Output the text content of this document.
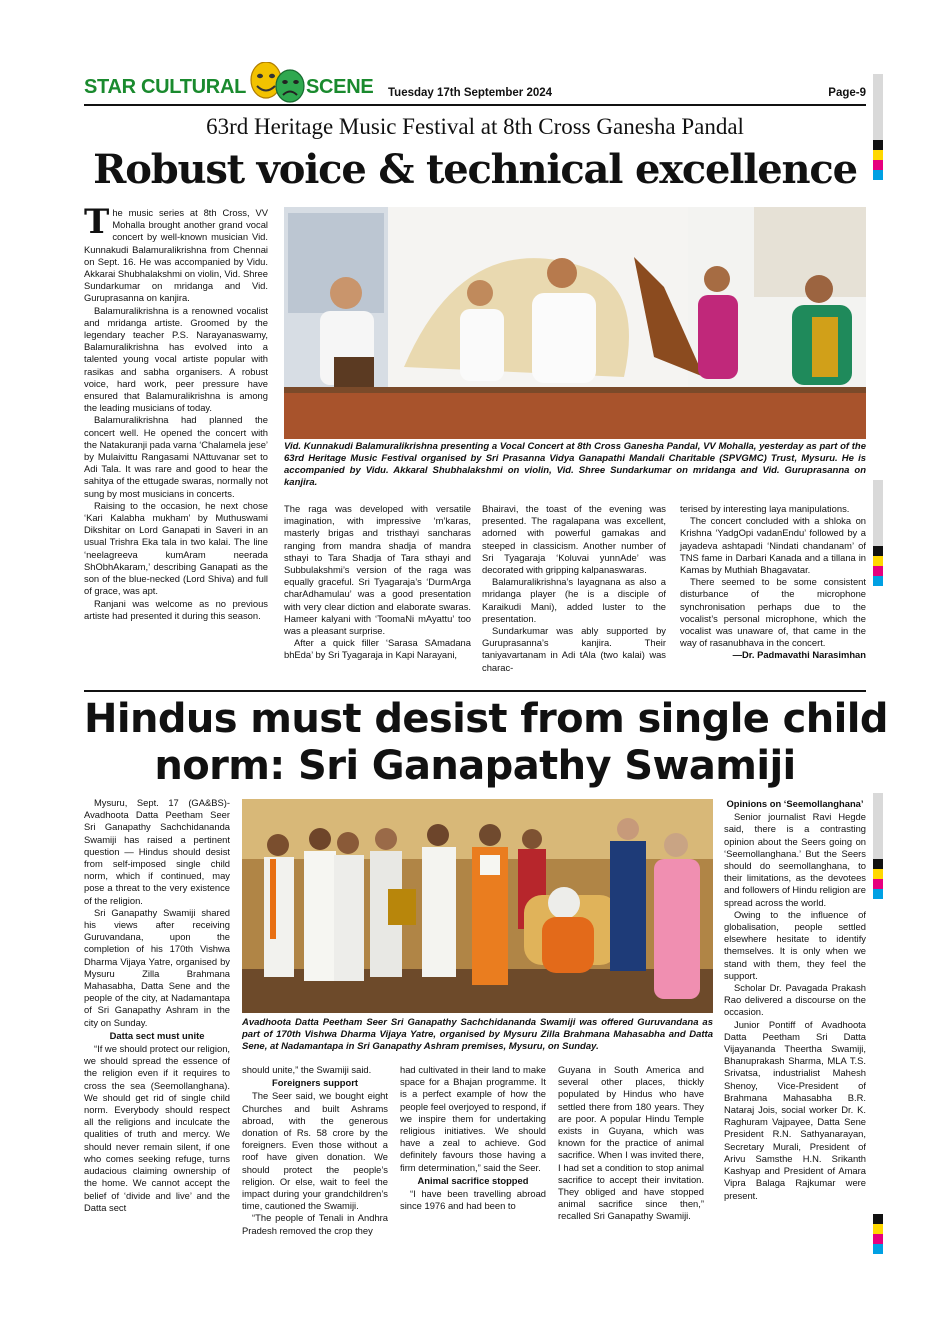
STAR CULTURAL	SCENE Tuesday 17th September 2024	Page-9
63rd Heritage Music Festival at 8th Cross Ganesha Pandal
Robust voice & technical excellence

The music series at 8th Cross, VV Mohalla brought another grand vocal concert by well-known musician Vid. Kunnakudi Balamuralikrishna from Chennai on Sept. 16. He was accompanied by Vidu. Akkarai Shubhalakshmi on violin, Vid. Shree Sundarkumar on mridanga and Vid. Guruprasanna on kanjira.

Balamuralikrishna is a renowned vocalist and mridanga artiste. Groomed by the legendary teacher P.S. Narayanaswamy, Balamuralikrishna has evolved into a talented young vocal artiste popular with rasikas and sabha organisers. A robust voice, hard work, peer pressure have ensured that Balamuralikrishna is among the leading musicians of today.

Balamuralikrishna had planned the concert well. He opened the concert with the Natakuranji pada varna ‘Chalamela jese’ by Mulaivittu Rangasami NAttuvanar set to Adi Tala. It was rare and good to hear the sahitya of the ettugade swaras, normally not sung by most musicians in concerts.

Raising to the occasion, he next chose ‘Kari Kalabha mukham’ by Muthuswami Dikshitar on Lord Ganapati in Saveri in an usual Trishra Eka tala in two kalai. The line ‘neelagreeva kumAram neerada ShObhAkaram,’ describing Ganapati as the son of the blue-necked (Lord Shiva) and full of grace, was apt.

Ranjani was welcome as no previous artiste had presented it during this season.

Vid. Kunnakudi Balamuralikrishna presenting a Vocal Concert at 8th Cross Ganesha Pandal, VV Mohalla, yesterday as part of the 63rd Heritage Music Festival organised by Sri Prasanna Vidya Ganapathi Mandali Charitable (SPVGMC) Trust, Mysuru. He is accompanied by Vidu. Akkaral Shubhalakshmi on violin, Vid. Shree Sundarkumar on mridanga and Vid. Guruprasanna on kanjira.

The raga was developed with versatile imagination, with impressive ‘m’karas, masterly brigas and tristhayi sancharas ranging from mandra shadja of mandra sthayi to Tara Shadja of Tara sthayi and Subbulakshmi’s version of the raga was equally graceful. Sri Tyagaraja’s ‘DurmArga charAdhamulau’ was a good presentation with very clear diction and elaborate swaras. Hameer kalyani with ‘ToomaNi mAyattu’ too was a pleasant surprise.

After a quick filler ‘Sarasa SAmadana bhEda’ by Sri Tyagaraja in Kapi Narayani,

Bhairavi, the toast of the evening was presented. The ragalapana was excellent, adorned with powerful gamakas and steeped in classicism. Another number of Sri Tyagaraja ‘Koluvai yunnAde’ was decorated with gripping kalpanaswaras.

Balamuralikrishna’s layagnana as also a mridanga player (he is a disciple of Karaikudi Mani), added luster to the presentation.

Sundarkumar was ably supported by Guruprasanna’s kanjira. Their taniyavartanam in Adi tAla (two kalai) was charac-

terised by interesting laya manipulations.

The concert concluded with a shloka on Krishna ‘YadgOpi vadanEndu’ followed by a jayadeva ashtapadi ‘Nindati chandanam’ of TNS fame in Darbari Kanada and a tillana in Kamas by Muthiah Bhagavatar.

There seemed to be some consistent disturbance of the microphone synchronisation perhaps due to the vocalist’s personal microphone, which the vocalist was unaware of, that came in the way of rasanubhava in the concert.

—Dr. Padmavathi Narasimhan

Hindus must desist from single child
norm: Sri Ganapathy Swamiji

Mysuru, Sept. 17 (GA&BS)- Avadhoota Datta Peetham Seer Sri Ganapathy Sachchidananda Swamiji has raised a pertinent question — Hindus should desist from self-imposed single child norm, which if continued, may pose a threat to the very existence of the religion.

Sri Ganapathy Swamiji shared his views after receiving Guruvandana, upon the completion of his 170th Vishwa Dharma Vijaya Yatre, organised by Mysuru Zilla Brahmana Mahasabha, Datta Sene and the people of the city, at Nadamantapa of Sri Ganapathy Ashram in the city on Sunday.

Datta sect must unite

“If we should protect our religion, we should spread the essence of the religion even if it requires to cross the sea (Seemollanghana). We should get rid of single child norm. Everybody should respect all the religions and inculcate the qualities of truth and mercy. We should never remain silent, if one who comes seeking refuge, turns audacious claiming ownership of the home. We cannot accept the belief of ‘divide and live’ and the Datta sect

Avadhoota Datta Peetham Seer Sri Ganapathy Sachchidananda Swamiji was offered Guruvandana as part of 170th Vishwa Dharma Vijaya Yatre, organised by Mysuru Zilla Brahmana Mahasabha and Datta Sene, at Nadamantapa in Sri Ganapathy Ashram premises, Mysuru, on Sunday.

should unite,” the Swamiji said.

Foreigners support

The Seer said, we bought eight Churches and built Ashrams abroad, with the generous donation of Rs. 58 crore by the foreigners. Even those without a roof have given donation. We should protect the people’s religion. Or else, wait to feel the impact during your grandchildren’s time, cautioned the Swamiji.

“The people of Tenali in Andhra Pradesh removed the crop they

had cultivated in their land to make space for a Bhajan programme. It is a perfect example of how the people feel overjoyed to respond, if we inspire them for undertaking religious initiatives. We should have a zeal to achieve. God definitely favours those having a firm determination,” said the Seer.

Animal sacrifice stopped

“I have been travelling abroad since 1976 and had been to

Guyana in South America and several other places, thickly populated by Hindus who have settled there from 180 years. They are poor. A popular Hindu Temple exists in Guyana, which was known for the practice of animal sacrifice. When I was invited there, I had set a condition to stop animal sacrifice to accept their invitation. They obliged and have stopped animal sacrifice since then,” recalled Sri Ganapathy Swamiji.

Opinions on ‘Seemollanghana’

Senior journalist Ravi Hegde said, there is a contrasting opinion about the Seers going on ‘Seemollanghana.’ But the Seers should do seemollanghana, to their limitations, as the devotees and followers of Hindu religion are spread across the world.

Owing to the influence of globalisation, people settled elsewhere hesitate to identify themselves. It is only when we stand with them, they feel the support.

Scholar Dr. Pavagada Prakash Rao delivered a discourse on the occasion.

Junior Pontiff of Avadhoota Datta Peetham Sri Datta Vijayananda Theertha Swamiji, Bhanuprakash Sharma, MLA T.S. Srivatsa, industrialist Mahesh Shenoy, Vice-President of Brahmana Mahasabha B.R. Nataraj Jois, social worker Dr. K. Raghuram Vajpayee, Datta Sene President R.N. Sathyanarayan, Secretary Murali, President of Arivu Samsthe H.N. Srikanth Kashyap and President of Amara Vipra Balaga Rajkumar were present.
